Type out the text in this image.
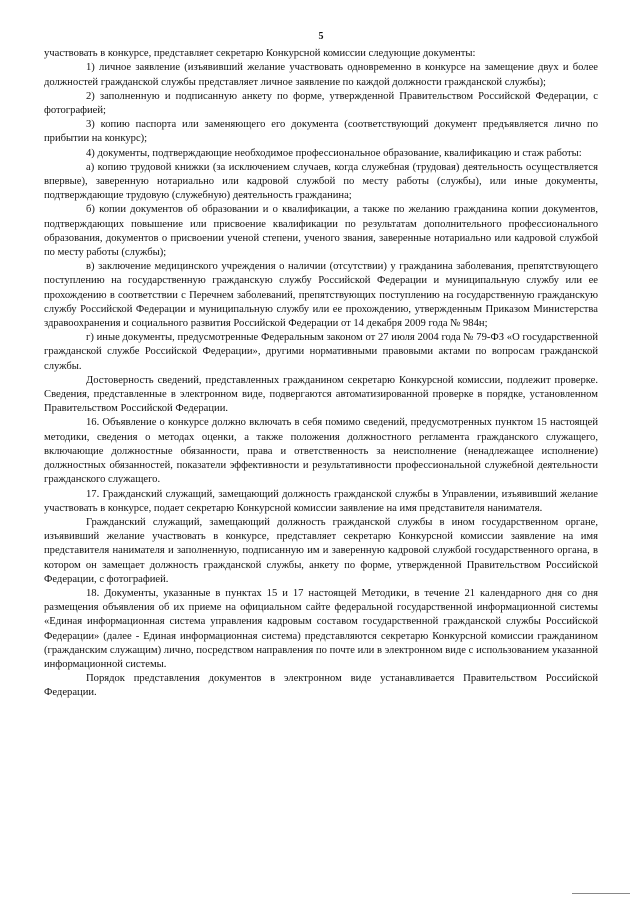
5

участвовать в конкурсе, представляет секретарю Конкурсной комиссии следующие документы:

1) личное заявление (изъявивший желание участвовать одновременно в конкурсе на замещение двух и более должностей гражданской службы представляет личное заявление по каждой должности гражданской службы);

2) заполненную и подписанную анкету по форме, утвержденной Правительством Российской Федерации, с фотографией;

3) копию паспорта или заменяющего его документа (соответствующий документ предъявляется лично по прибытии на конкурс);

4) документы, подтверждающие необходимое профессиональное образование, квалификацию и стаж работы:

а) копию трудовой книжки (за исключением случаев, когда служебная (трудовая) деятельность осуществляется впервые), заверенную нотариально или кадровой службой по месту работы (службы), или иные документы, подтверждающие трудовую (служебную) деятельность гражданина;

б) копии документов об образовании и о квалификации, а также по желанию гражданина копии документов, подтверждающих повышение или присвоение квалификации по результатам дополнительного профессионального образования, документов о присвоении ученой степени, ученого звания, заверенные нотариально или кадровой службой по месту работы (службы);

в) заключение медицинского учреждения о наличии (отсутствии) у гражданина заболевания, препятствующего поступлению на государственную гражданскую службу Российской Федерации и муниципальную службу или ее прохождению в соответствии с Перечнем заболеваний, препятствующих поступлению на государственную гражданскую службу Российской Федерации и муниципальную службу или ее прохождению, утвержденным Приказом Министерства здравоохранения и социального развития Российской Федерации от 14 декабря 2009 года № 984н;

г) иные документы, предусмотренные Федеральным законом от 27 июля 2004 года № 79-ФЗ «О государственной гражданской службе Российской Федерации», другими нормативными правовыми актами по вопросам гражданской службы.

Достоверность сведений, представленных гражданином секретарю Конкурсной комиссии, подлежит проверке. Сведения, представленные в электронном виде, подвергаются автоматизированной проверке в порядке, установленном Правительством Российской Федерации.

16. Объявление о конкурсе должно включать в себя помимо сведений, предусмотренных пунктом 15 настоящей методики, сведения о методах оценки, а также положения должностного регламента гражданского служащего, включающие должностные обязанности, права и ответственность за неисполнение (ненадлежащее исполнение) должностных обязанностей, показатели эффективности и результативности профессиональной служебной деятельности гражданского служащего.

17. Гражданский служащий, замещающий должность гражданской службы в Управлении, изъявивший желание участвовать в конкурсе, подает секретарю Конкурсной комиссии заявление на имя представителя нанимателя.

Гражданский служащий, замещающий должность гражданской службы в ином государственном органе, изъявивший желание участвовать в конкурсе, представляет секретарю Конкурсной комиссии заявление на имя представителя нанимателя и заполненную, подписанную им и заверенную кадровой службой государственного органа, в котором он замещает должность гражданской службы, анкету по форме, утвержденной Правительством Российской Федерации, с фотографией.

18. Документы, указанные в пунктах 15 и 17 настоящей Методики, в течение 21 календарного дня со дня размещения объявления об их приеме на официальном сайте федеральной государственной информационной системы «Единая информационная система управления кадровым составом государственной гражданской службы Российской Федерации» (далее - Единая информационная система) представляются секретарю Конкурсной комиссии гражданином (гражданским служащим) лично, посредством направления по почте или в электронном виде с использованием указанной информационной системы.

Порядок представления документов в электронном виде устанавливается Правительством Российской Федерации.
